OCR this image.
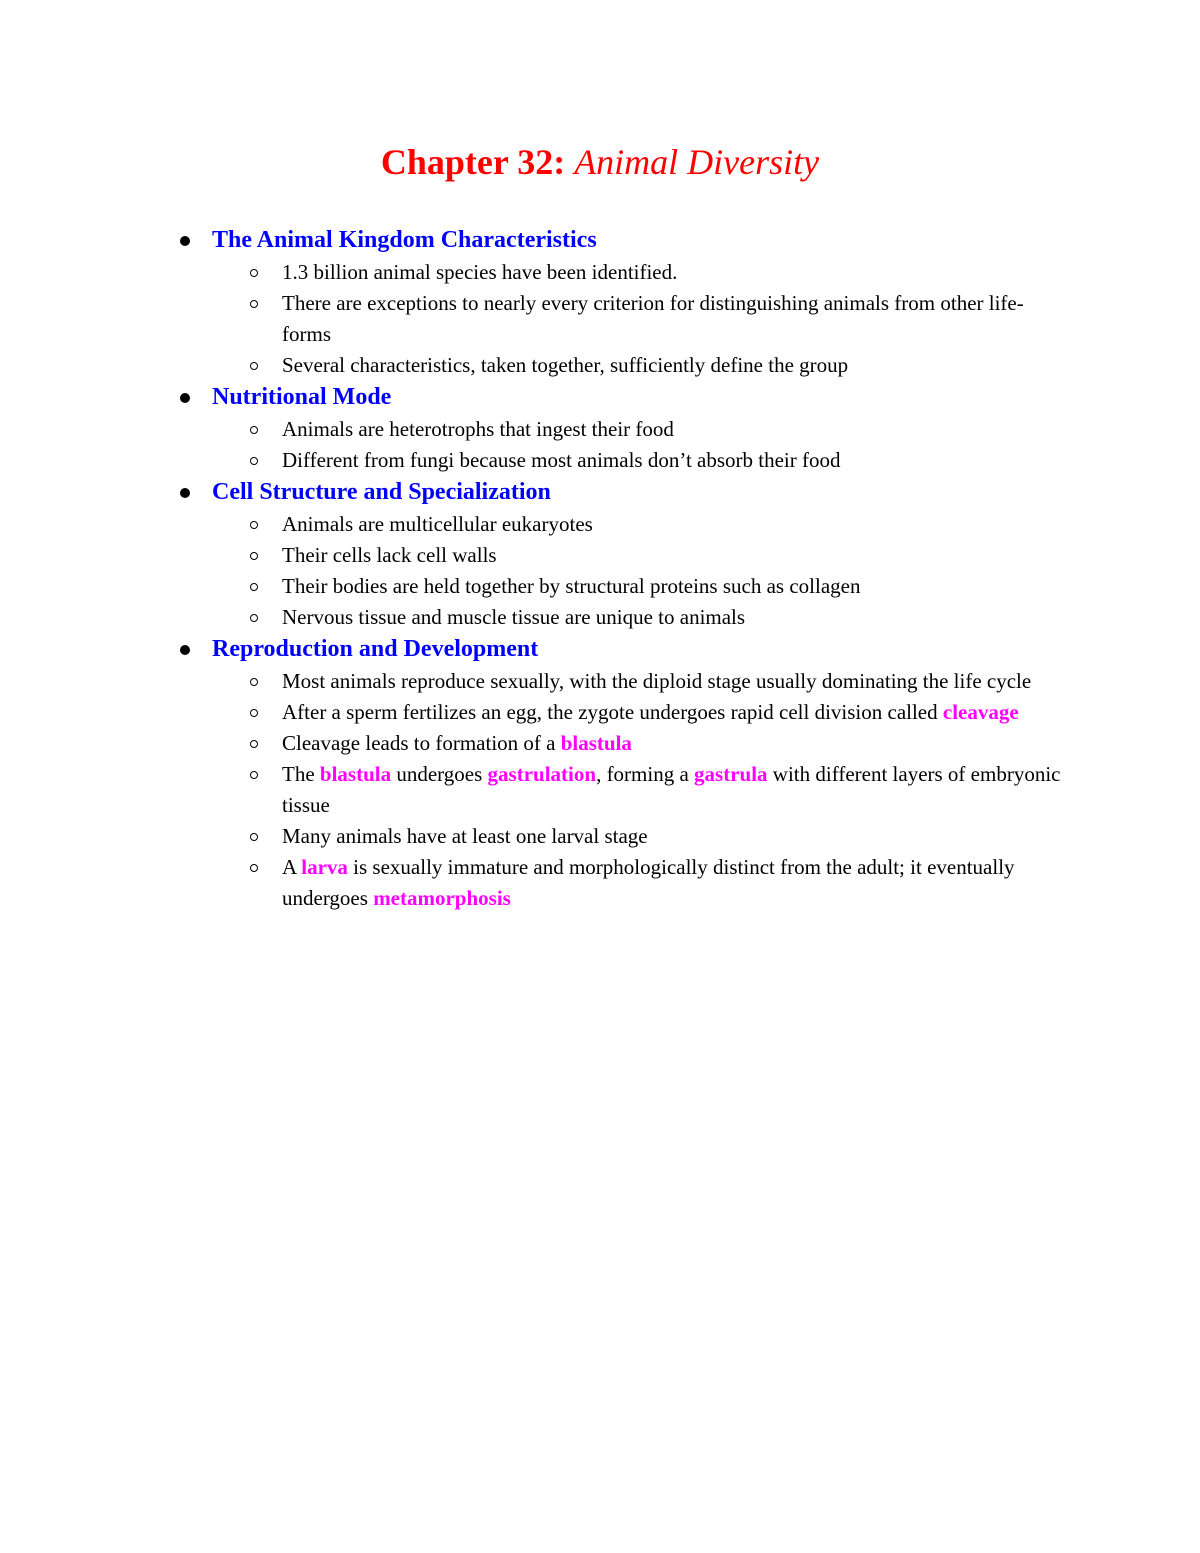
Chapter 32: Animal Diversity
The Animal Kingdom Characteristics
1.3 billion animal species have been identified.
There are exceptions to nearly every criterion for distinguishing animals from other life-forms
Several characteristics, taken together, sufficiently define the group
Nutritional Mode
Animals are heterotrophs that ingest their food
Different from fungi because most animals don’t absorb their food
Cell Structure and Specialization
Animals are multicellular eukaryotes
Their cells lack cell walls
Their bodies are held together by structural proteins such as collagen
Nervous tissue and muscle tissue are unique to animals
Reproduction and Development
Most animals reproduce sexually, with the diploid stage usually dominating the life cycle
After a sperm fertilizes an egg, the zygote undergoes rapid cell division called cleavage
Cleavage leads to formation of a blastula
The blastula undergoes gastrulation, forming a gastrula with different layers of embryonic tissue
Many animals have at least one larval stage
A larva is sexually immature and morphologically distinct from the adult; it eventually undergoes metamorphosis
